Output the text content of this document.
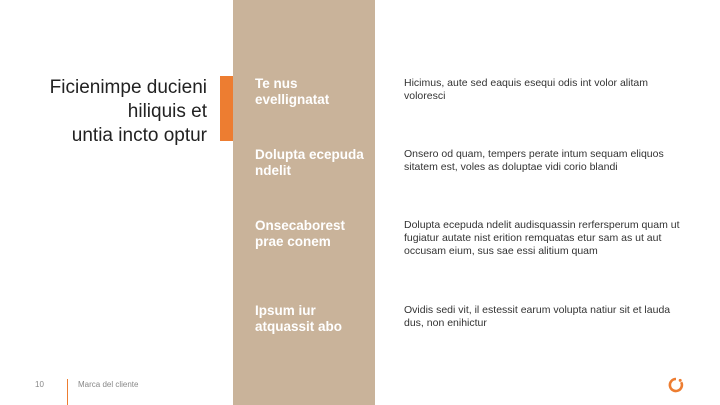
Ficienimpe ducieni
hiliquis et
untia incto optur
Te nus evellignatat
Hicimus, aute sed eaquis esequi odis int volor alitam voloresci
Dolupta ecepuda ndelit
Onsero od quam, tempers perate intum sequam eliquos sitatem est, voles as doluptae vidi corio blandi
Onsecaborest prae conem
Dolupta ecepuda ndelit audisquassin rerfersperum quam ut fugiatur autate nist erition remquatas etur sam as ut aut occusam eium, sus sae essi alitium quam
Ipsum iur atquassit abo
Ovidis sedi vit, il estessit earum volupta natiur sit et lauda dus, non enihictur
10	Marca del cliente
